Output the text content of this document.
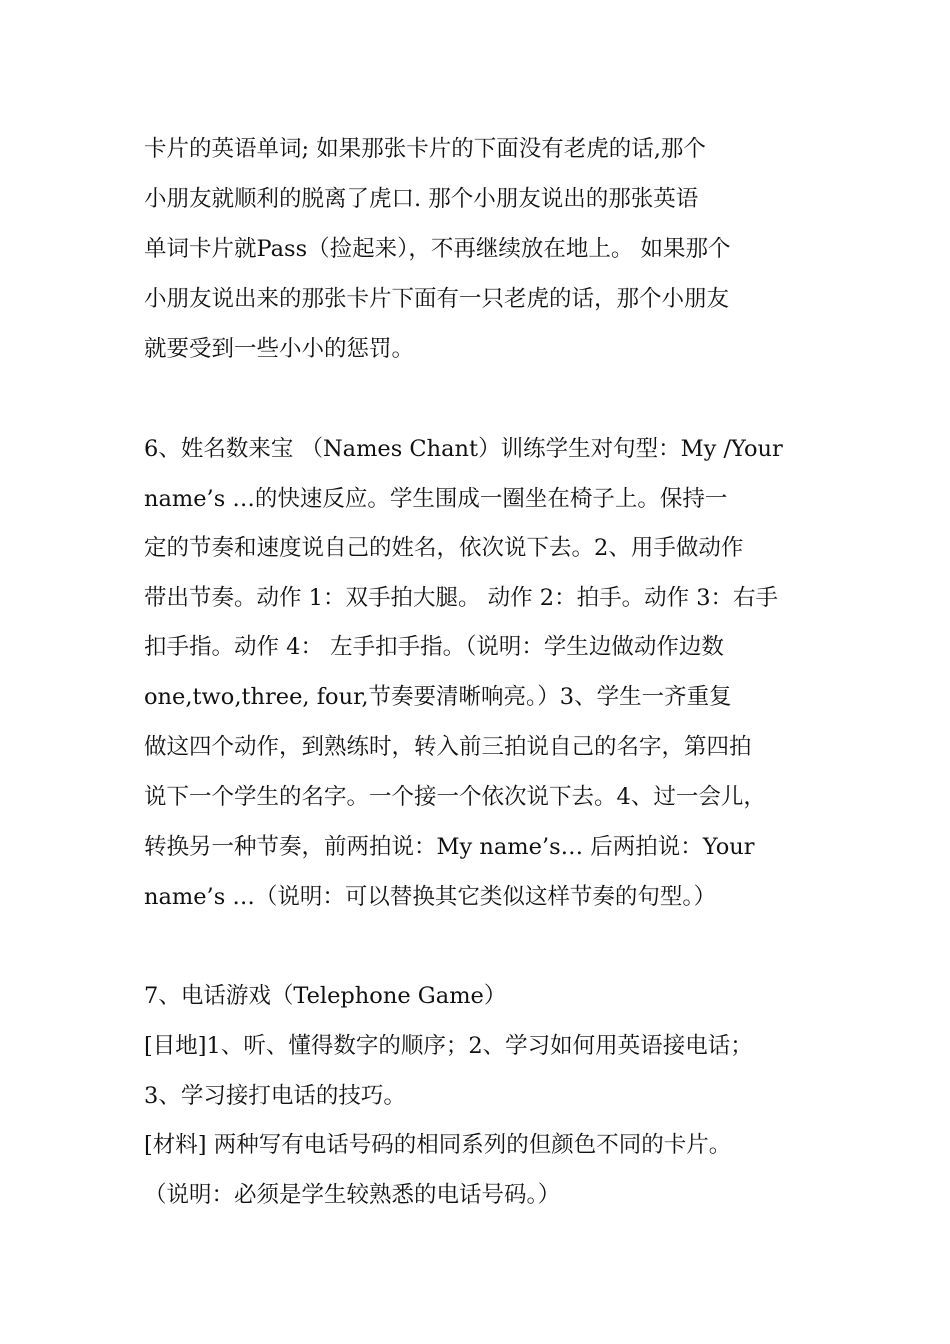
卡片的英语单词; 如果那张卡片的下面没有老虎的话,那个
小朋友就顺利的脱离了虎口. 那个小朋友说出的那张英语
单词卡片就Pass（捡起来），不再继续放在地上。 如果那个
小朋友说出来的那张卡片下面有一只老虎的话，那个小朋友
就要受到一些小小的惩罚。
6、姓名数来宝 （Names Chant）训练学生对句型：My /Your
name’s …的快速反应。学生围成一圈坐在椅子上。保持一
定的节奏和速度说自己的姓名，依次说下去。2、用手做动作
带出节奏。动作 1：双手拍大腿。 动作 2：拍手。动作 3：右手
扣手指。动作 4： 左手扣手指。（说明：学生边做动作边数
one,two,three, four,节奏要清晰响亮。）3、学生一齐重复
做这四个动作，到熟练时，转入前三拍说自己的名字，第四拍
说下一个学生的名字。一个接一个依次说下去。4、过一会儿，
转换另一种节奏，前两拍说：My name’s… 后两拍说：Your
name’s …（说明：可以替换其它类似这样节奏的句型。）
7、电话游戏（Telephone Game）
[目地]1、听、懂得数字的顺序；2、学习如何用英语接电话；
3、学习接打电话的技巧。
[材料] 两种写有电话号码的相同系列的但颜色不同的卡片。
（说明：必须是学生较熟悉的电话号码。）
